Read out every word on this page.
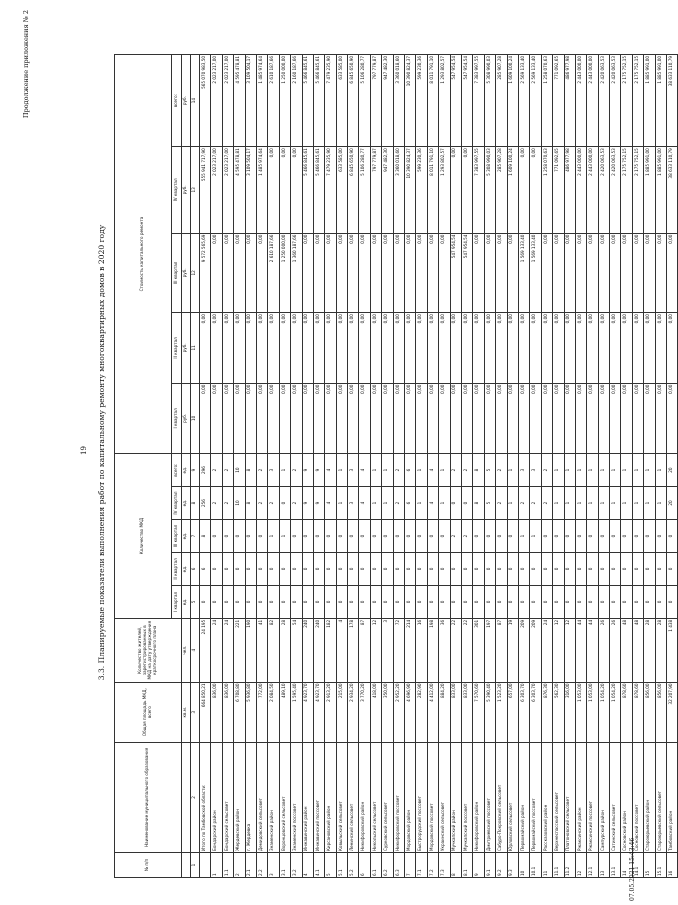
Продолжение приложения № 2
19 3.3. Планируемые показатели выполнения работ по капитальному ремонту многоквартирных домов в 2020 году
№ п/п	Наименование муниципального образования	Общая площадь МКД, всего	Количество жителей, зарегистрированных в МКД на дату утверждения краткосрочного плана	Количество МКД					Стоимость капитального ремонта				
				I квартал	II квартал	III квартал	IV квартал	всего:	I квартал	II квартал	III квартал	IV квартал	всего:
		кв.м.	чел.	ед.	ед.	ед.	ед.	ед.	руб.	руб.	руб.	руб.	руб.
1	2	3	4	5	6	7	8	9	10	11	12	13	14
	Итого по Тамбовской области:	664 850,21	24 195	0	6	8	256	296	0,00	0,00	9 572 565,69	555 941 717,90	565 070 983,50
1	Бондарский район	836,00	24	0	0	0	2	2	0,00	0,00	0,00	2 023 217,00	2 023 217,00
1.1	Бондарский сельсовет	836,00	24	0	0	0	2	2	0,00	0,00	0,00	2 023 217,00	2 023 217,00
2	Жердевский район	6 708,80	221	0	0	0	10	10	0,00	0,00	0,00	4 595 478,81	4 595 478,81
2.1	г. Жердевка	5 936,80	190	0	0	0	8	8	0,00	0,00	0,00	3 109 504,17	3 109 504,17
2.2	Демидовский сельсовет	772,00	41	0	0	0	2	2	0,00	0,00	0,00	1 485 974,64	1 485 974,64
3	Знаменский район	2 084,50	82	0	0	1	2	3	0,00	0,00	2 610 187,66	0,00	2 610 187,66
3.1	Воронцовский сельсовет	489,10	28	0	0	1	0	1	0,00	0,00	1 250 000,00	0,00	1 250 000,00
3.2	Знаменский поссовет	1 595,40	54	0	0	0	2	2	0,00	0,00	1 360 187,66	0,00	2 160 187,66
4	Инжавинский район	4 923,70	240	0	0	0	9	9	0,00	0,00	0,00	5 466 845,61	5 466 845,61
4.1	Инжавинский поссовет	4 923,70	240	0	0	0	9	9	0,00	0,00	0,00	5 466 845,61	5 466 845,61
5	Кирсановский район	2 913,20	182	0	0	0	4	4	0,00	0,00	0,00	7 479 235,90	7 479 235,90
5.1	Ковыльский сельсовет	215,00	4	0	0	0	1	1	0,00	0,00	0,00	633 585,00	633 585,00
5.2	Ленинский сельсовет	2 934,20	178	0	0	0	3	3	0,00	0,00	0,00	6 845 650,90	6 845 650,90
6	Никифоровский район	3 770,20	87	0	0	0	4	4	0,00	0,00	0,00	5 106 280,77	5 106 280,77
6.1	Никольский сельсовет	418,00	12	0	0	0	1	1	0,00	0,00	0,00	797 779,87	797 779,87
6.2	Сурковский сельсовет	350,00	3	0	0	0	1	1	0,00	0,00	0,00	947 482,30	947 482,30
6.3	Никифоровский поссовет	2 952,20	72	0	0	0	2	2	0,00	0,00	0,00	3 360 018,60	3 360 018,60
7	Мордовский район	4 696,90	214	0	0	0	6	6	0,00	0,00	0,00	10 390 824,37	10 390 824,37
7.1	Быстрорудский поссовет	282,90	16	0	0	0	1	1	0,00	0,00	0,00	599 230,36	599 230,36
7.2	Мордовский поссовет	4 412,00	198	0	0	0	4	4	0,00	0,00	0,00	8 011 791,10	8 011 791,10
7.3	Украинский сельсовет	884,20	36	0	0	0	1	1	0,00	0,00	0,00	1 293 802,57	1 293 802,57
8	Мучкапский район	833,00	22	0	0	2	0	2	0,00	0,00	547 954,54	0,00	547 954,54
8.1	Мучкапский поссовет	833,00	22	0	0	2	0	2	0,00	0,00	547 954,54	0,00	547 954,54
9	Никифоровский район	7 570,60	301	0	0	0	8	8	0,00	0,00	0,00	7 383 997,55	7 383 997,55
9.1	Дмитриевский поссовет	5 390,40	197	0	0	0	5	5	0,00	0,00	0,00	5 308 990,03	5 308 990,03
9.2	Сабуро-Покровский сельсовет	1 523,20	87	0	0	0	2	2	0,00	0,00	0,00	285 907,28	285 907,28
9.3	Юрловский сельсовет	657,00	19	0	0	0	1	1	0,00	0,00	0,00	1 609 100,24	1 609 100,24
10	Первомайский район	6 303,70	209	0	0	1	2	3	0,00	0,00	1 569 133,40	0,00	2 569 133,40
10.1	Первомайский поссовет	6 303,70	209	0	0	1	2	3	0,00	0,00	1 569 133,40	0,00	2 569 133,40
11	Рассказовский район	876,30	24	0	0	0	2	2	0,00	0,00	0,00	1 258 070,63	1 258 070,63
11.1	Верхнеспасский сельсовет	562,30	12	0	0	0	1	1	0,00	0,00	0,00	771 092,65	771 092,65
11.2	Платоновский сельсовет	316,00	12	0	0	0	1	1	0,00	0,00	0,00	486 977,98	486 977,98
12	Ржаксинский район	1 053,00	44	0	0	0	1	1	0,00	0,00	0,00	2 443 000,00	2 443 000,00
12.1	Ржаксинский поссовет	1 053,00	44	0	0	0	1	1	0,00	0,00	0,00	2 443 000,00	2 443 000,00
13	Сампурский район	1 054,20	26	0	0	0	1	1	0,00	0,00	0,00	2 420 063,53	2 420 063,53
13.1	Сатинский сельсовет	1 054,20	26	0	0	0	1	1	0,00	0,00	0,00	2 420 063,53	2 420 063,53
14	Сосновский район	878,60	48	0	0	0	1	1	0,00	0,00	0,00	2 175 752,15	2 175 752,15
14.1	Сосновский поссовет	878,60	48	0	0	0	1	1	0,00	0,00	0,00	2 175 752,15	2 175 752,15
15	Староюрьевский район	856,00	28	0	0	0	1	1	0,00	0,00	0,00	1 885 991,00	1 885 991,00
15.1	Староюрьевский сельсовет	856,00	28	0	0	0	1	1	0,00	0,00	0,00	1 885 991,00	1 885 991,00
16	Тамбовский район	32 207,90	1 438	0	0	0	20	20	0,00	0,00	0,00	38 633 110,79	38 633 110,79
07.05.2021 15:43:46
